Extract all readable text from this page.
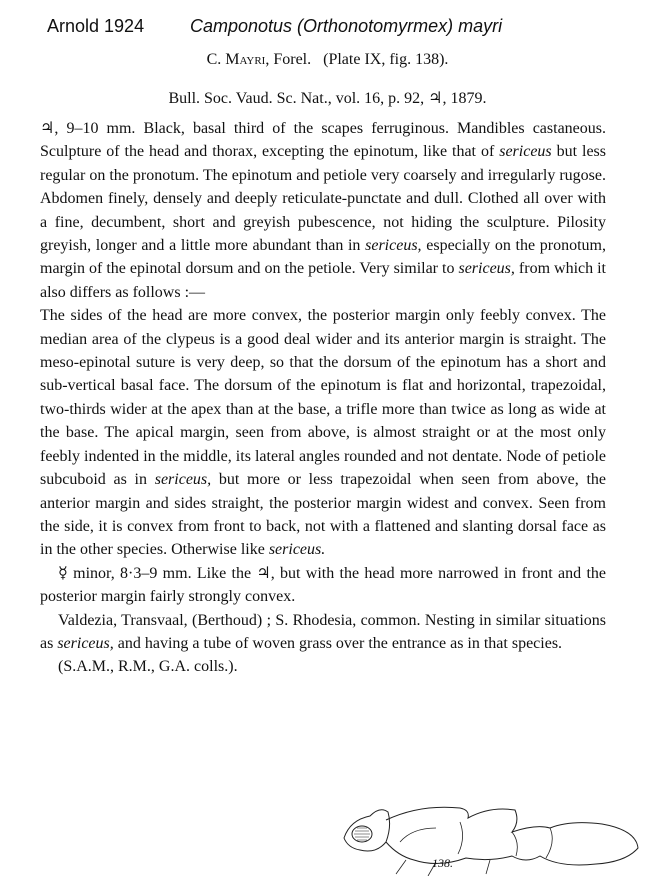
Arnold 1924	Camponotus (Orthonotomyrmex) mayri
C. Mayri, Forel.   (Plate IX, fig. 138).
Bull. Soc. Vaud. Sc. Nat., vol. 16, p. 92, ♃, 1879.

♃, 9–10 mm. Black, basal third of the scapes ferruginous. Mandibles castaneous. Sculpture of the head and thorax, excepting the epinotum, like that of sericeus but less regular on the pronotum. The epinotum and petiole very coarsely and irregularly rugose. Abdomen finely, densely and deeply reticulate-punctate and dull. Clothed all over with a fine, decumbent, short and greyish pubescence, not hiding the sculpture. Pilosity greyish, longer and a little more abundant than in sericeus, especially on the pronotum, margin of the epinotal dorsum and on the petiole. Very similar to sericeus, from which it also differs as follows :—

The sides of the head are more convex, the posterior margin only feebly convex. The median area of the clypeus is a good deal wider and its anterior margin is straight. The meso-epinotal suture is very deep, so that the dorsum of the epinotum has a short and sub-vertical basal face. The dorsum of the epinotum is flat and horizontal, trapezoidal, two-thirds wider at the apex than at the base, a trifle more than twice as long as wide at the base. The apical margin, seen from above, is almost straight or at the most only feebly indented in the middle, its lateral angles rounded and not dentate. Node of petiole subcuboid as in sericeus, but more or less trapezoidal when seen from above, the anterior margin and sides straight, the posterior margin widest and convex. Seen from the side, it is convex from front to back, not with a flattened and slanting dorsal face as in the other species. Otherwise like sericeus.

☿ minor, 8·3–9 mm. Like the ♃, but with the head more narrowed in front and the posterior margin fairly strongly convex.

Valdezia, Transvaal, (Berthoud) ; S. Rhodesia, common. Nesting in similar situations as sericeus, and having a tube of woven grass over the entrance as in that species.

(S.A.M., R.M., G.A. colls.).

138.
